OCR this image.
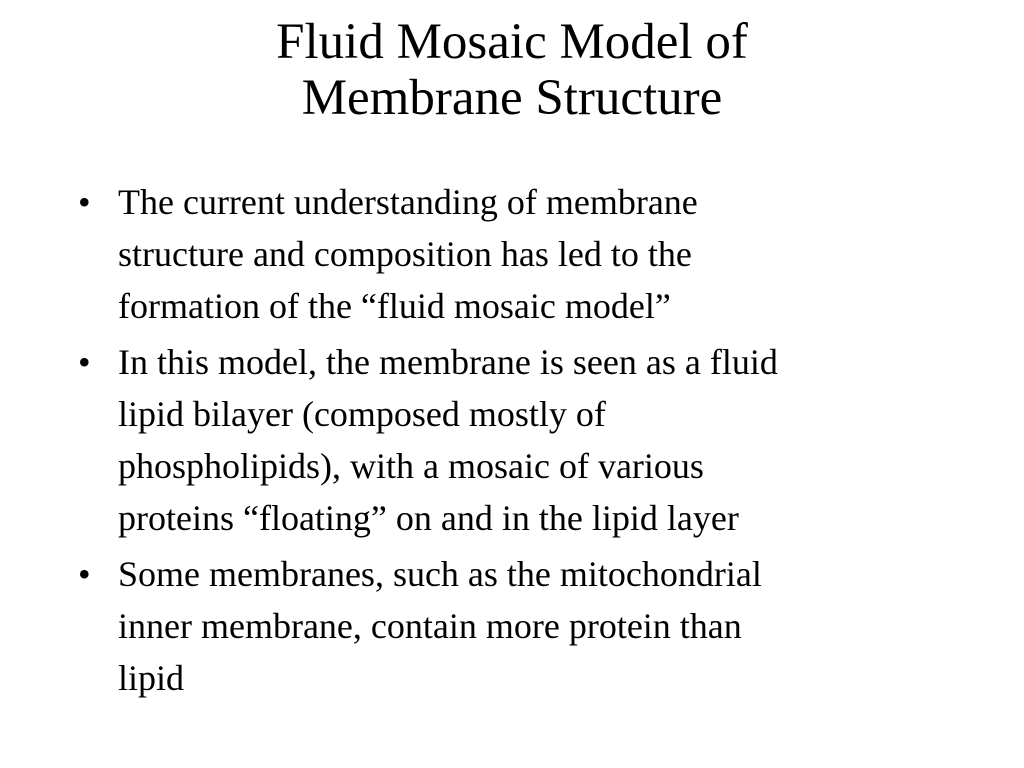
Fluid Mosaic Model of
Membrane Structure
• The current understanding of membrane
structure and composition has led to the
formation of the “fluid mosaic model”
• In this model, the membrane is seen as a fluid
lipid bilayer (composed mostly of
phospholipids), with a mosaic of various
proteins “floating” on and in the lipid layer
• Some membranes, such as the mitochondrial
inner membrane, contain more protein than
lipid
